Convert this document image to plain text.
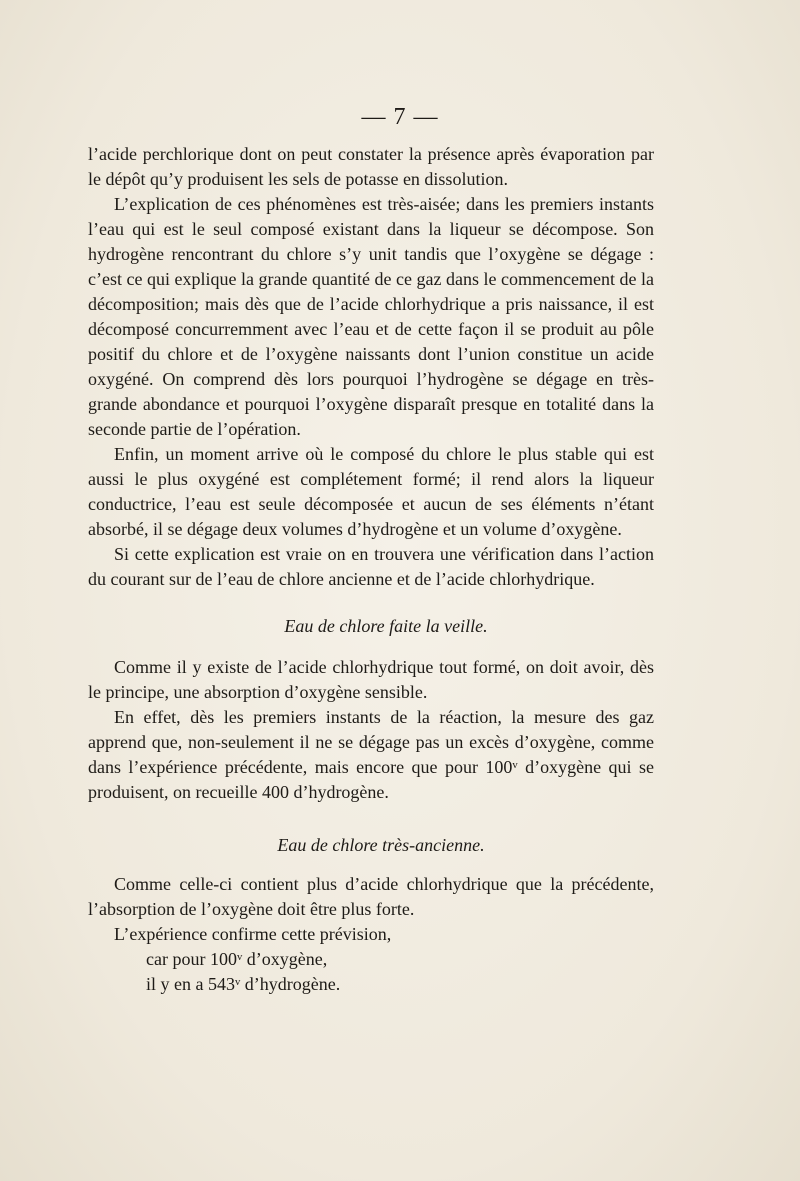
— 7 —

l’acide perchlorique dont on peut constater la présence après évaporation par le dépôt qu’y produisent les sels de potasse en dissolution.

L’explication de ces phénomènes est très-aisée; dans les premiers instants l’eau qui est le seul composé existant dans la liqueur se décompose. Son hydrogène rencontrant du chlore s’y unit tandis que l’oxygène se dégage : c’est ce qui explique la grande quantité de ce gaz dans le commencement de la décomposition; mais dès que de l’acide chlorhydrique a pris naissance, il est décomposé concurremment avec l’eau et de cette façon il se produit au pôle positif du chlore et de l’oxygène naissants dont l’union constitue un acide oxygéné. On comprend dès lors pourquoi l’hydrogène se dégage en très-grande abondance et pourquoi l’oxygène disparaît presque en totalité dans la seconde partie de l’opération.

Enfin, un moment arrive où le composé du chlore le plus stable qui est aussi le plus oxygéné est complétement formé; il rend alors la liqueur conductrice, l’eau est seule décomposée et aucun de ses éléments n’étant absorbé, il se dégage deux volumes d’hydrogène et un volume d’oxygène.

Si cette explication est vraie on en trouvera une vérification dans l’action du courant sur de l’eau de chlore ancienne et de l’acide chlorhydrique.

Eau de chlore faite la veille.

Comme il y existe de l’acide chlorhydrique tout formé, on doit avoir, dès le principe, une absorption d’oxygène sensible.

En effet, dès les premiers instants de la réaction, la mesure des gaz apprend que, non-seulement il ne se dégage pas un excès d’oxygène, comme dans l’expérience précédente, mais encore que pour 100ᵛ d’oxygène qui se produisent, on recueille 400 d’hydrogène.

Eau de chlore très-ancienne.

Comme celle-ci contient plus d’acide chlorhydrique que la précédente, l’absorption de l’oxygène doit être plus forte.

L’expérience confirme cette prévision,

car pour 100ᵛ d’oxygène,

il y en a 543ᵛ d’hydrogène.
